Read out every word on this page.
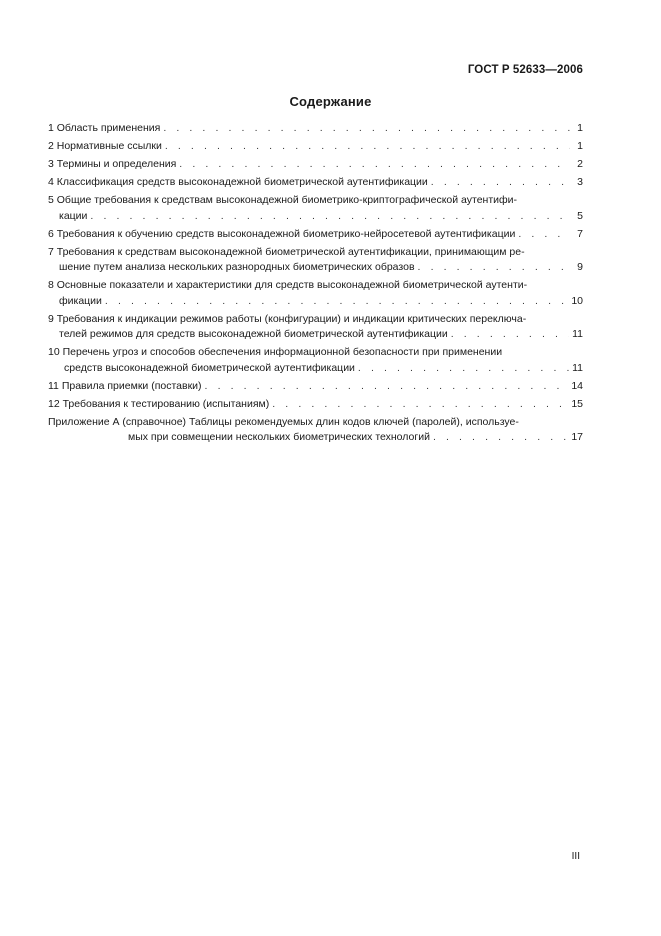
ГОСТ Р 52633—2006
Содержание
1 Область применения . . .	1
2 Нормативные ссылки . . .	1
3 Термины и определения . . .	2
4 Классификация средств высоконадежной биометрической аутентификации . . .	3
5 Общие требования к средствам высоконадежной биометрико-криптографической аутентифи-
кации . . .	5
6 Требования к обучению средств высоконадежной биометрико-нейросетевой аутентификации . . .	7
7 Требования к средствам высоконадежной биометрической аутентификации, принимающим ре-
шение путем анализа нескольких разнородных биометрических образов . . .	9
8 Основные показатели и характеристики для средств высоконадежной биометрической аутенти-
фикации . . .	10
9 Требования к индикации режимов работы (конфигурации) и индикации критических переключа-
телей режимов для средств высоконадежной биометрической аутентификации . . .	11
10 Перечень угроз и способов обеспечения информационной безопасности при применении
средств высоконадежной биометрической аутентификации . . .	11
11 Правила приемки (поставки) . . .	14
12 Требования к тестированию (испытаниям) . . .	15
Приложение А (справочное) Таблицы рекомендуемых длин кодов ключей (паролей), используе-
мых при совмещении нескольких биометрических технологий . . .	17
III
